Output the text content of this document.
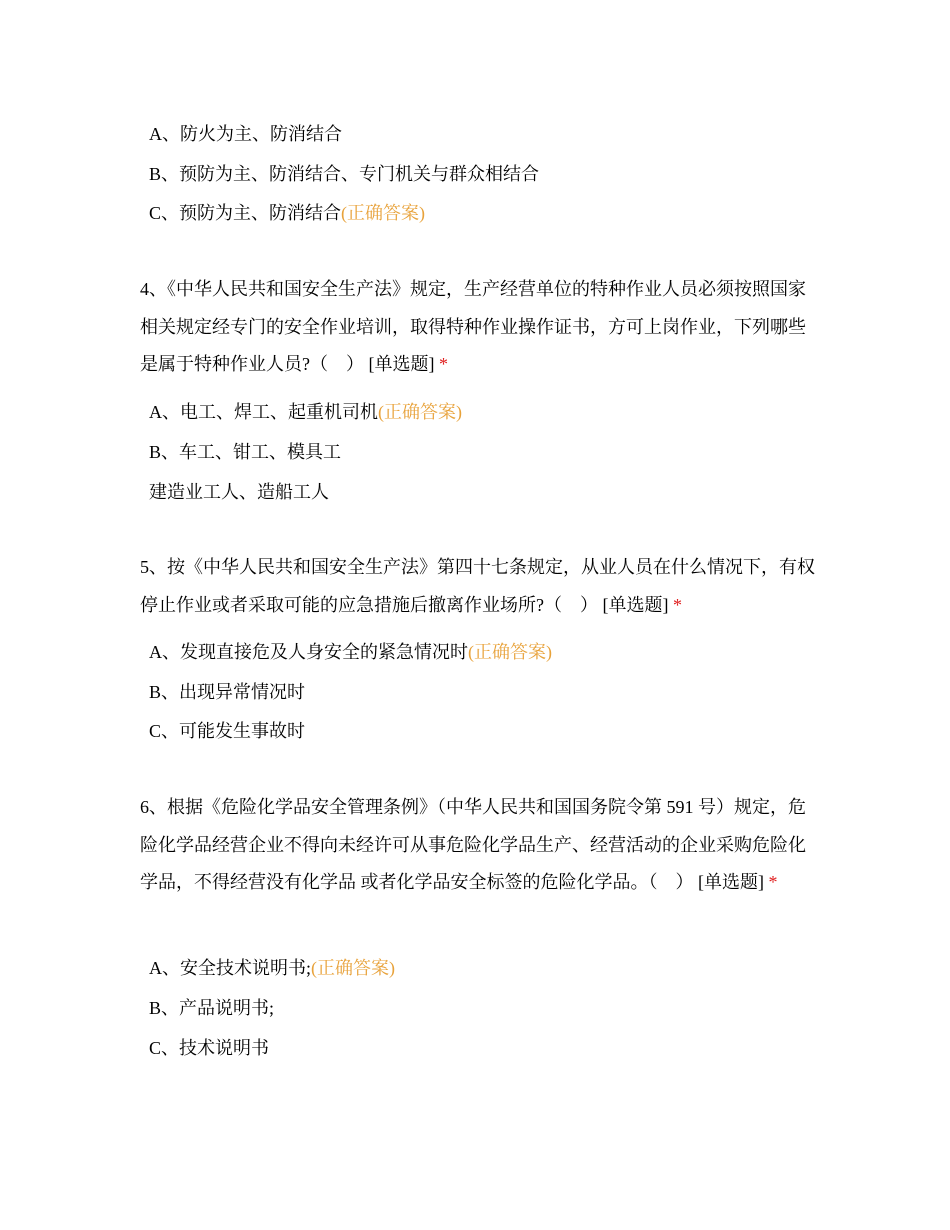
A、防火为主、防消结合
B、预防为主、防消结合、专门机关与群众相结合
C、预防为主、防消结合(正确答案)
4、《中华人民共和国安全生产法》规定，生产经营单位的特种作业人员必须按照国家相关规定经专门的安全作业培训，取得特种作业操作证书，方可上岗作业，下列哪些是属于特种作业人员?（　） [单选题] *
A、电工、焊工、起重机司机(正确答案)
B、车工、钳工、模具工
建造业工人、造船工人
5、按《中华人民共和国安全生产法》第四十七条规定，从业人员在什么情况下，有权停止作业或者采取可能的应急措施后撤离作业场所?（　） [单选题] *
A、发现直接危及人身安全的紧急情况时(正确答案)
B、出现异常情况时
C、可能发生事故时
6、根据《危险化学品安全管理条例》（中华人民共和国国务院令第 591 号）规定，危险化学品经营企业不得向未经许可从事危险化学品生产、经营活动的企业采购危险化学品，不得经营没有化学品 或者化学品安全标签的危险化学品。（　） [单选题] *
A、安全技术说明书;(正确答案)
B、产品说明书;
C、技术说明书
